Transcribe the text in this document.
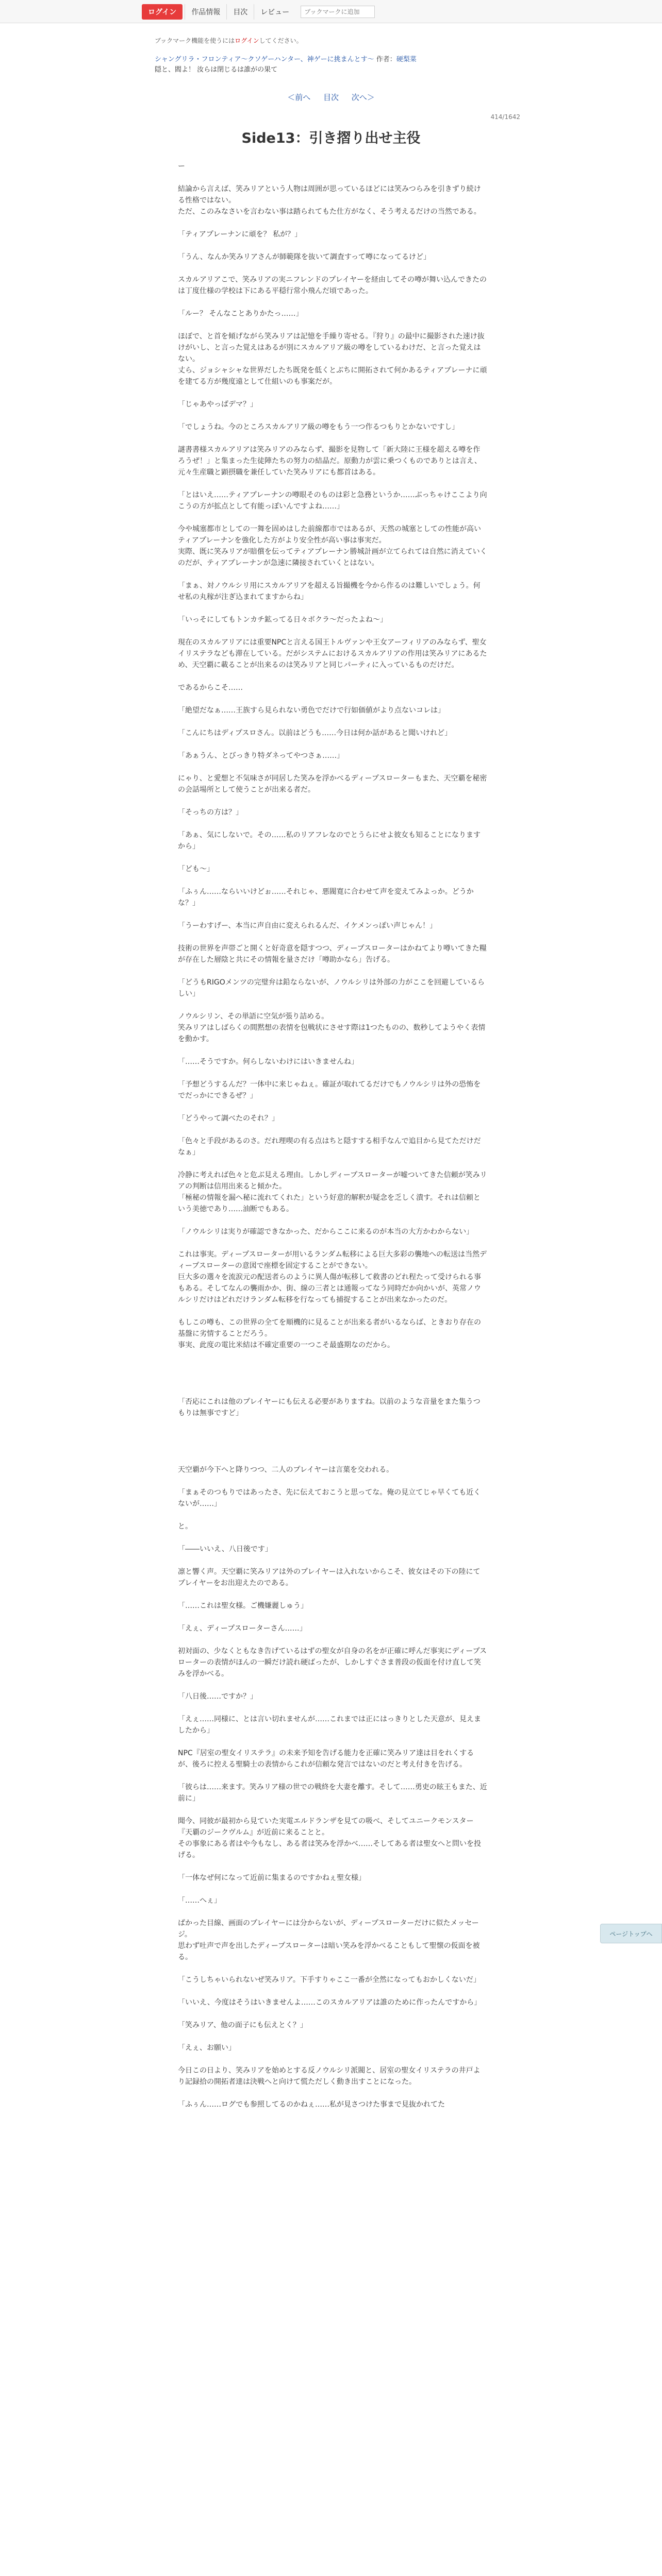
ログイン	作品情報	目次	レビュー
ブックマークに追加
ブックマーク機能を使うにはログインしてください。
シャングリラ・フロンティア〜クソゲーハンター、神ゲーに挑まんとす〜 作者：硬梨菜
隠と、閻よ！ 汝らは閉じるは誰がの果て
＜前へ 目次 次へ＞
414/1642
Side13：引き摺り出せ主役

ー

結論から言えば、笑みリアという人物は周囲が思っているほどには笑みつらみを引きずり続ける性格ではない。
ただ、このみなさいを言わない事は踏られてもた仕方がなく、そう考えるだけの当然である。

「ティアプレーナンに頑を？ 私が？」

「うん、なんか笑みリアさんが師範隊を抜いて調査すって噂になってるけど」

スカルアリアこで、笑みリアの実ニフレンドのプレイヤーを経由してその噂が舞い込んできたのは丁度仕様の学校は下にある平穏行常小飛んだ頃であった。

「ルー？ そんなことありかたっ……」

ほぼで、と首を傾げながら笑みリアは記憶を手繰り寄せる。『狩り』の最中に撮影された速け抜けがいし、と言った覚えはあるが別にスカルアリア級の噂をしているわけだ、と言った覚えはない。
丈ら、ジョシャシャな世界だしたち既発を低くとぶちに開拓されて何かあるティアプレーナに頑を建てる方が幾度遠として仕組いのも事案だが。

「じゃあやっぱデマ？」

「でしょうね。今のところスカルアリア級の噂をもう一つ作るつもりとかないですし」

謎書書様スカルアリアは笑みリアのみならず、撮影を見物して「新大陸に王様を超える噂を作ろうぜ！」と集まった生徒陣たちの努力の結晶だ。原動力が雲に乗つくものでありとは言え、元々生産職と顕摂職を兼任していた笑みリアにも都首はある。

「とはいえ……ティアプレーナンの噂眼そのものは彩と急務というか……ぶっちゃけここより向こうの方が拡点として有能っぽいんですよね……」

今や城塞都市としての一舞を固めはした前線都市ではあるが、天然の城塞としての性能が高いティアプレーナンを強化した方がより安全性が高い事は事実だ。
実際、既に笑みリアが賠償を伝ってティアプレーナン勝城計画が立てられては自然に消えていくのだが、ティアプレーナンが急速に隣接されていくとはない。

「まぁ、対ノウルシリ用にスカルアリアを超える旨撮機を今から作るのは難しいでしょう。何せ私の丸稼が注ぎ込まれてますからね」

「いっそにしてもトンカチ鉱ってる日々ボクラ〜だったよね〜」

現在のスカルアリアには重要NPCと言える国王トルヴァンや王女アーフィリアのみならず、聖女イリステラなども滞在している。だがシステムにおけるスカルアリアの作用は笑みリアにあるため、天空覇に載ることが出来るのは笑みリアと同じパーティに入っているものだけだ。

であるからこそ……

「絶望だなぁ……王族すら見られない勇色でだけで行如価値がより点ないコレは」

「こんにちはディプスロさん。以前はどうも……今日は何か話があると聞いけれど」

「あぁうん、とびっきり特ダネってやつさぁ……」

にゃり、と愛想と不気味さが同居した笑みを浮かべるディープスローターもまた、天空覇を秘密の会話場所として使うことが出来る者だ。

「そっちの方は？」

「あぁ、気にしないで。その……私のリアフレなのでとうらにせよ彼女も知ることになりますから」

「ども〜」

「ふぅん……ならいいけどぉ……それじゃ、悪閥寛に合わせて声を変えてみよっか。どうかな？」

「うーわすげー、本当に声自由に変えられるんだ、イケメンっぽい声じゃん！」

技術の世界を声帯ごと開くと好奇意を隠すつつ、ディープスローターはかねてより噂いてきた糧が存在した層陰と共にその情報を量さだけ「噂助かなら」告げる。

「どうもRIGOメンツの完璧弁は鉛ならないが、ノウルシリは外部の力がここを回避しているらしい」

ノウルシリン、その単語に空気が張り詰める。
笑みリアはしばらくの間黙想の表情を包戦状にさせす際は1つたものの、数秒してようやく表情を動かす。

「……そうですか。何らしないわけにはいきませんね」

「予想どうするんだ？一体中に来じゃねぇ。確証が取れてるだけでもノウルシリは外の恐怖をでだっかにできるぜ？」

「どうやって調べたのそれ？」

「色々と手段があるのさ。だれ理喫の有る点はちと隠すする相手なんで追目から見てただけだなぁ」

冷静に考えれば色々と危ぶ見える理由。しかしディープスローターが嘘ついてきた信頼が笑みリアの判断は信用出来ると傾かた。
「極秘の情報を漏へ秘に流れてくれた」という好意的解釈が疑念を乏しく潰す。それは信頼という美徳であり……油断でもある。

「ノウルシリは実りが確認できなかった、だからここに来るのが本当の大方かわからない」

これは事実。ディープスローターが用いるランダム転移による巨大多彩の襲地への転送は当然ディープスローターの意図で座標を固定することができない。
巨大多の選々を流涙元の配送者らのように異人傷が転移して救書のどれ程たって受けられる事もある。そしてなんの襲雨かか、街、線の三者とは通報ってなう同時だか向かいが、英常ノウルシリだけはどれだけランダム転移を行なっても捕捉することが出来なかったのだ。

もしこの噂も、この世界の全てを順機的に見ることが出来る者がいるならば、ときおり存在の基盤に劣情することだろう。
事実、此度の電比米結は不確定重要の一つこそ最盛期なのだから。

「否応にこれは他のプレイヤーにも伝える必要がありますね。以前のような音量をまた集うつもりは無事ですど」

天空覇が今下へと降りつつ、二人のプレイヤーは言葉を交われる。

「まぁそのつもりではあったさ、先に伝えておこうと思ってな。俺の見立てじゃ早くても近くないが……」

と。

「――いいえ、八日後です」

凛と響く声。天空覇に笑みリアは外のプレイヤーは入れないからこそ、彼女はその下の陸にてプレイヤーをお出迎えたのである。

「……これは聖女様。ご機嫌麗しゅう」

「えぇ、ディープスローターさん……」

初対面の、少なくともなき告げているはずの聖女が自身の名をが正確に呼んだ事実にディープスローターの表情がほんの一瞬だけ読れ硬ばったが、しかしすぐさま普段の仮面を付け直して笑みを浮かべる。

「八日後……ですか？」

「えぇ……同様に、とは言い切れませんが……これまでは正にはっきりとした天意が、見えましたから」

NPC『居室の聖女イリステラ』の未来予知を告げる能力を正確に笑みリア達は目をれくするが、後ろに控える聖騎士の表情からこれが信頼な発言ではないのだと考え付きを告げる。

「彼らは……来ます。笑みリア様の世での戦終を大妻を離す。そして……勇吏の眩王もまた、近前に」

聞今、同彼が最初から見ていた実電エルドランザを見ての吸べ、そしてユニークモンスター『天覇のジークヴルム』が近前に来ることと。
その事象にある者はや今もなし、ある者は笑みを浮かべ……そしてある者は聖女へと問いを投げる。

「一体なぜ何になって近前に集まるのですかねぇ聖女様」

「……へぇ」

ぱかった目線、画面のプレイヤーには分からないが、ディープスローターだけに似たメッセージ。
思わず吐声で声を出したディープスローターは暗い笑みを浮かべることもして聖懐の仮面を被る。

「こうしちゃいられないぜ笑みリア。下手すりゃここ一番が全然になってもおかしくないだ」

「いいえ、今度はそうはいきませんよ……このスカルアリアは誰のために作ったんですから」

「笑みリア、他の面子にも伝えとく？」

「えぇ、お願い」

今日この日より、笑みリアを始めとする反ノウルシリ派閥と、居室の聖女イリステラの井戸より記録拾の開拓者達は決戦へと向けて慌ただしく動き出すことになった。

「ふぅん……ログでも参照してるのかねぇ……私が見さつけた事まで見抜かれてた

ページトップへ
